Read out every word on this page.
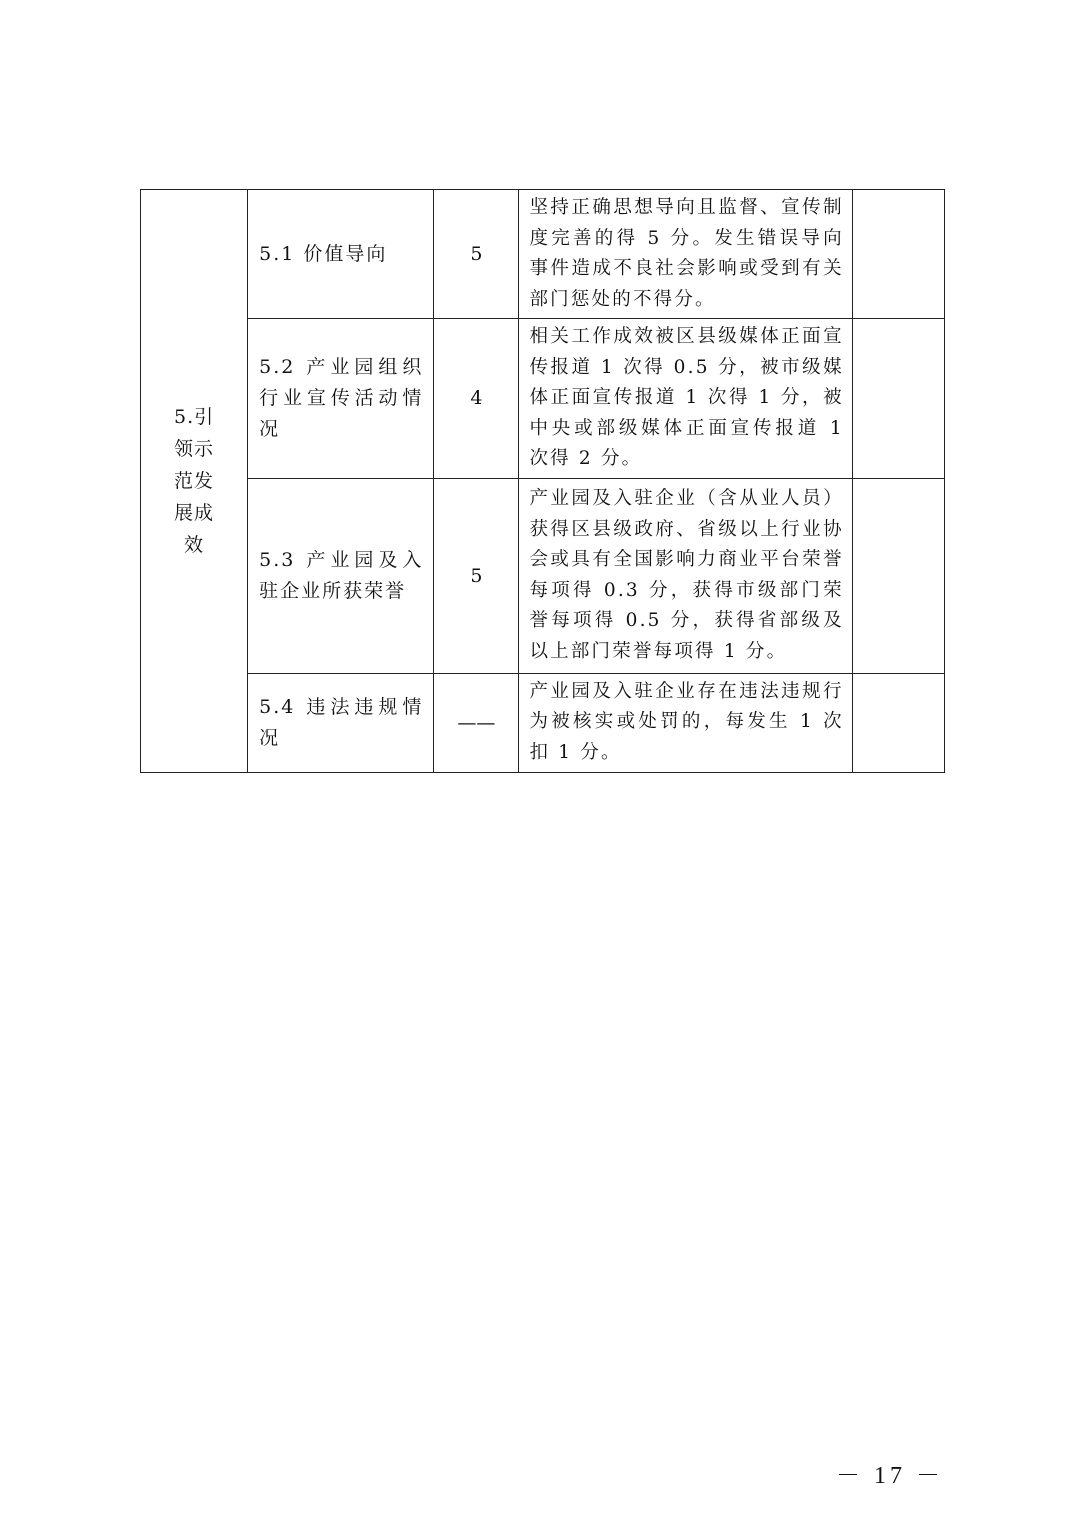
5.引领示范发展成效	5.1 价值导向	5	坚持正确思想导向且监督、宣传制度完善的得 5 分。发生错误导向事件造成不良社会影响或受到有关部门惩处的不得分。	
	5.2 产业园组织行业宣传活动情况	4	相关工作成效被区县级媒体正面宣传报道 1 次得 0.5 分，被市级媒体正面宣传报道 1 次得 1 分，被中央或部级媒体正面宣传报道 1 次得 2 分。	
	5.3 产业园及入驻企业所获荣誉	5	产业园及入驻企业（含从业人员）获得区县级政府、省级以上行业协会或具有全国影响力商业平台荣誉每项得 0.3 分，获得市级部门荣誉每项得 0.5 分，获得省部级及以上部门荣誉每项得 1 分。	
	5.4 违法违规情况	——	产业园及入驻企业存在违法违规行为被核实或处罚的，每发生 1 次扣 1 分。	
－ 17 －
